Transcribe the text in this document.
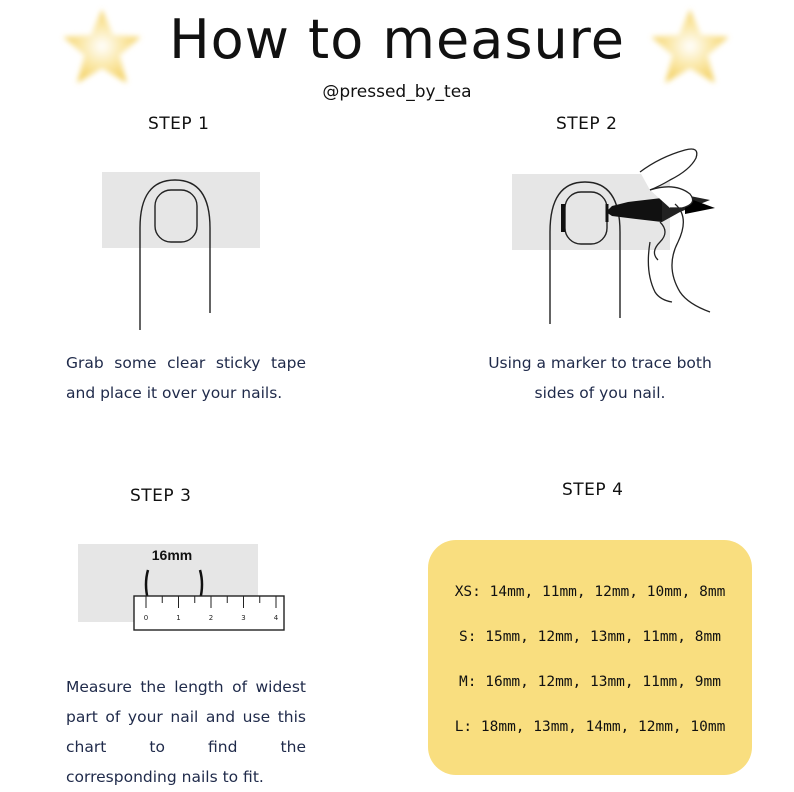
How to measure
@pressed_by_tea
STEP 1
Grab some clear sticky tape
and place it over your nails.
STEP 2
Using a marker to trace both
sides of you nail.
STEP 3
16mm
0	1	2	3	4
Measure the length of widest
part of your nail and use this
chart to find the
corresponding nails to fit.
STEP 4
XS: 14mm, 11mm, 12mm, 10mm, 8mm
S: 15mm, 12mm, 13mm, 11mm, 8mm
M: 16mm, 12mm, 13mm, 11mm, 9mm
L: 18mm, 13mm, 14mm, 12mm, 10mm
